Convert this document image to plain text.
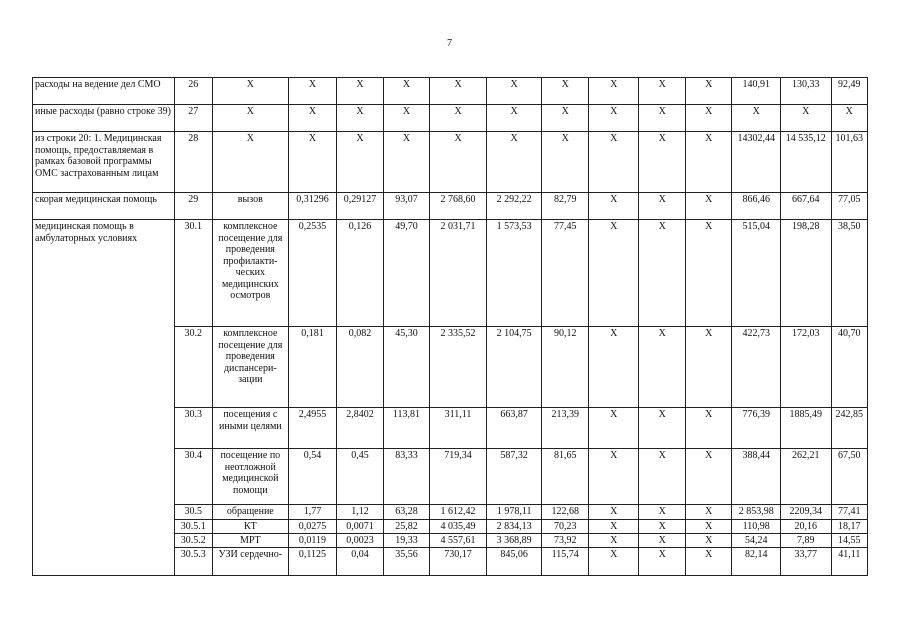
7
расходы на ведение дел СМО	26	Х	Х	Х	Х	Х	Х	Х	Х	Х	Х	140,91	130,33	92,49
иные расходы (равно строке 39)	27	Х	Х	Х	Х	Х	Х	Х	Х	Х	Х	Х	Х	Х
из строки 20: 1. Медицинская помощь, предоставляемая в рамках базовой программы ОМС застрахованным лицам	28	Х	Х	Х	Х	Х	Х	Х	Х	Х	Х	14302,44	14 535,12	101,63
скорая медицинская помощь	29	вызов	0,31296	0,29127	93,07	2 768,60	2 292,22	82,79	Х	Х	Х	866,46	667,64	77,05
медицинская помощь в амбулаторных условиях	30.1	комплексное посещение для проведения профилакти-ческих медицинских осмотров	0,2535	0,126	49,70	2 031,71	1 573,53	77,45	Х	Х	Х	515,04	198,28	38,50
	30.2	комплексное посещение для проведения диспансери-зации	0,181	0,082	45,30	2 335,52	2 104,75	90,12	Х	Х	Х	422,73	172,03	40,70
	30.3	посещения с иными целями	2,4955	2,8402	113,81	311,11	663,87	213,39	Х	Х	Х	776,39	1885,49	242,85
	30.4	посещение по неотложной медицинской помощи	0,54	0,45	83,33	719,34	587,32	81,65	Х	Х	Х	388,44	262,21	67,50
	30.5	обращение	1,77	1,12	63,28	1 612,42	1 978,11	122,68	Х	Х	Х	2 853,98	2209,34	77,41
	30.5.1	КТ	0,0275	0,0071	25,82	4 035,49	2 834,13	70,23	Х	Х	Х	110,98	20,16	18,17
	30.5.2	МРТ	0,0119	0,0023	19,33	4 557,61	3 368,89	73,92	Х	Х	Х	54,24	7,89	14,55
	30.5.3	УЗИ сердечно-	0,1125	0,04	35,56	730,17	845,06	115,74	Х	Х	Х	82,14	33,77	41,11
